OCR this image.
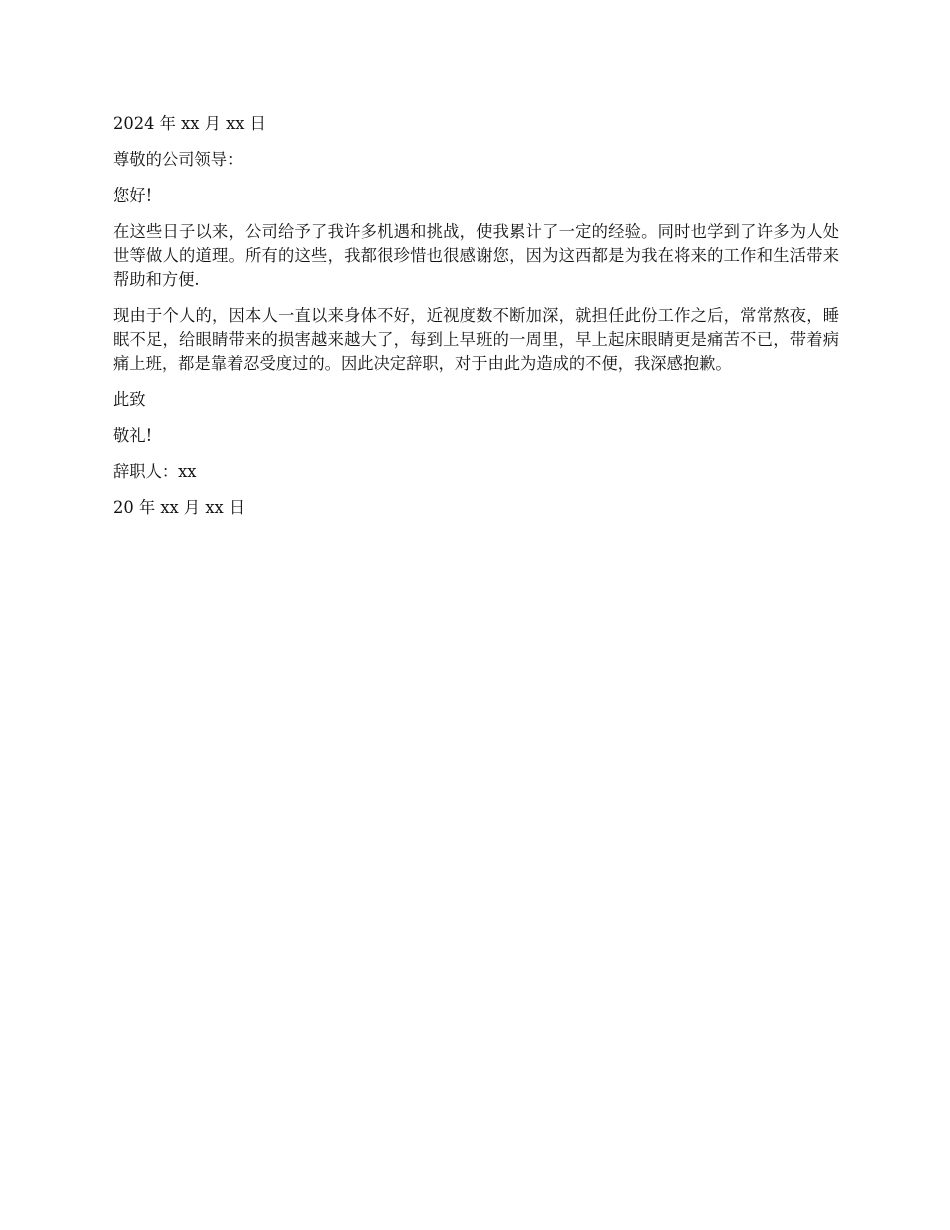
2024 年 xx 月 xx 日

尊敬的公司领导：

您好!

在这些日子以来，公司给予了我许多机遇和挑战，使我累计了一定的经验。同时也学到了许多为人处世等做人的道理。所有的这些，我都很珍惜也很感谢您，因为这西都是为我在将来的工作和生活带来帮助和方便.

现由于个人的，因本人一直以来身体不好，近视度数不断加深，就担任此份工作之后，常常熬夜，睡眠不足，给眼睛带来的损害越来越大了，每到上早班的一周里，早上起床眼睛更是痛苦不已，带着病痛上班，都是靠着忍受度过的。因此决定辞职，对于由此为造成的不便，我深感抱歉。

此致

敬礼!

辞职人：xx

20 年 xx 月 xx 日
